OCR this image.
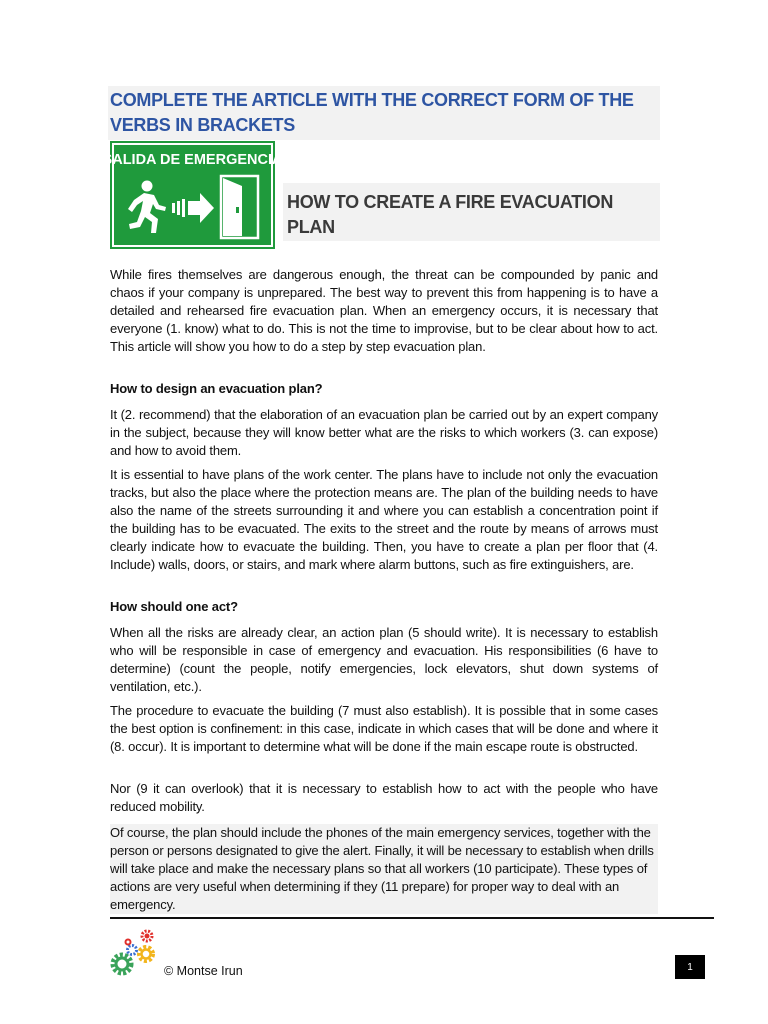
COMPLETE THE ARTICLE WITH THE CORRECT FORM OF THE VERBS IN BRACKETS
SALIDA DE EMERGENCIA
HOW TO CREATE A FIRE EVACUATION PLAN

While fires themselves are dangerous enough, the threat can be compounded by panic and chaos if your company is unprepared. The best way to prevent this from happening is to have a detailed and rehearsed fire evacuation plan. When an emergency occurs, it is necessary that everyone (1. know) what to do. This is not the time to improvise, but to be clear about how to act. This article will show you how to do a step by step evacuation plan.

How to design an evacuation plan?

It (2. recommend) that the elaboration of an evacuation plan be carried out by an expert company in the subject, because they will know better what are the risks to which workers (3. can expose) and how to avoid them.

It is essential to have plans of the work center. The plans have to include not only the evacuation tracks, but also the place where the protection means are. The plan of the building needs to have also the name of the streets surrounding it and where you can establish a concentration point if the building has to be evacuated. The exits to the street and the route by means of arrows must clearly indicate how to evacuate the building. Then, you have to create a plan per floor that (4. Include) walls, doors, or stairs, and mark where alarm buttons, such as fire extinguishers, are.

How should one act?

When all the risks are already clear, an action plan (5 should write). It is necessary to establish who will be responsible in case of emergency and evacuation. His responsibilities (6 have to determine) (count the people, notify emergencies, lock elevators, shut down systems of ventilation, etc.).

The procedure to evacuate the building (7 must also establish). It is possible that in some cases the best option is confinement: in this case, indicate in which cases that will be done and where it (8. occur). It is important to determine what will be done if the main escape route is obstructed.

Nor (9 it can overlook) that it is necessary to establish how to act with the people who have reduced mobility.

Of course, the plan should include the phones of the main emergency services, together with the person or persons designated to give the alert. Finally, it will be necessary to establish when drills will take place and make the necessary plans so that all workers (10 participate). These types of actions are very useful when determining if they (11 prepare) for proper way to deal with an emergency.

© Montse Irun	1
